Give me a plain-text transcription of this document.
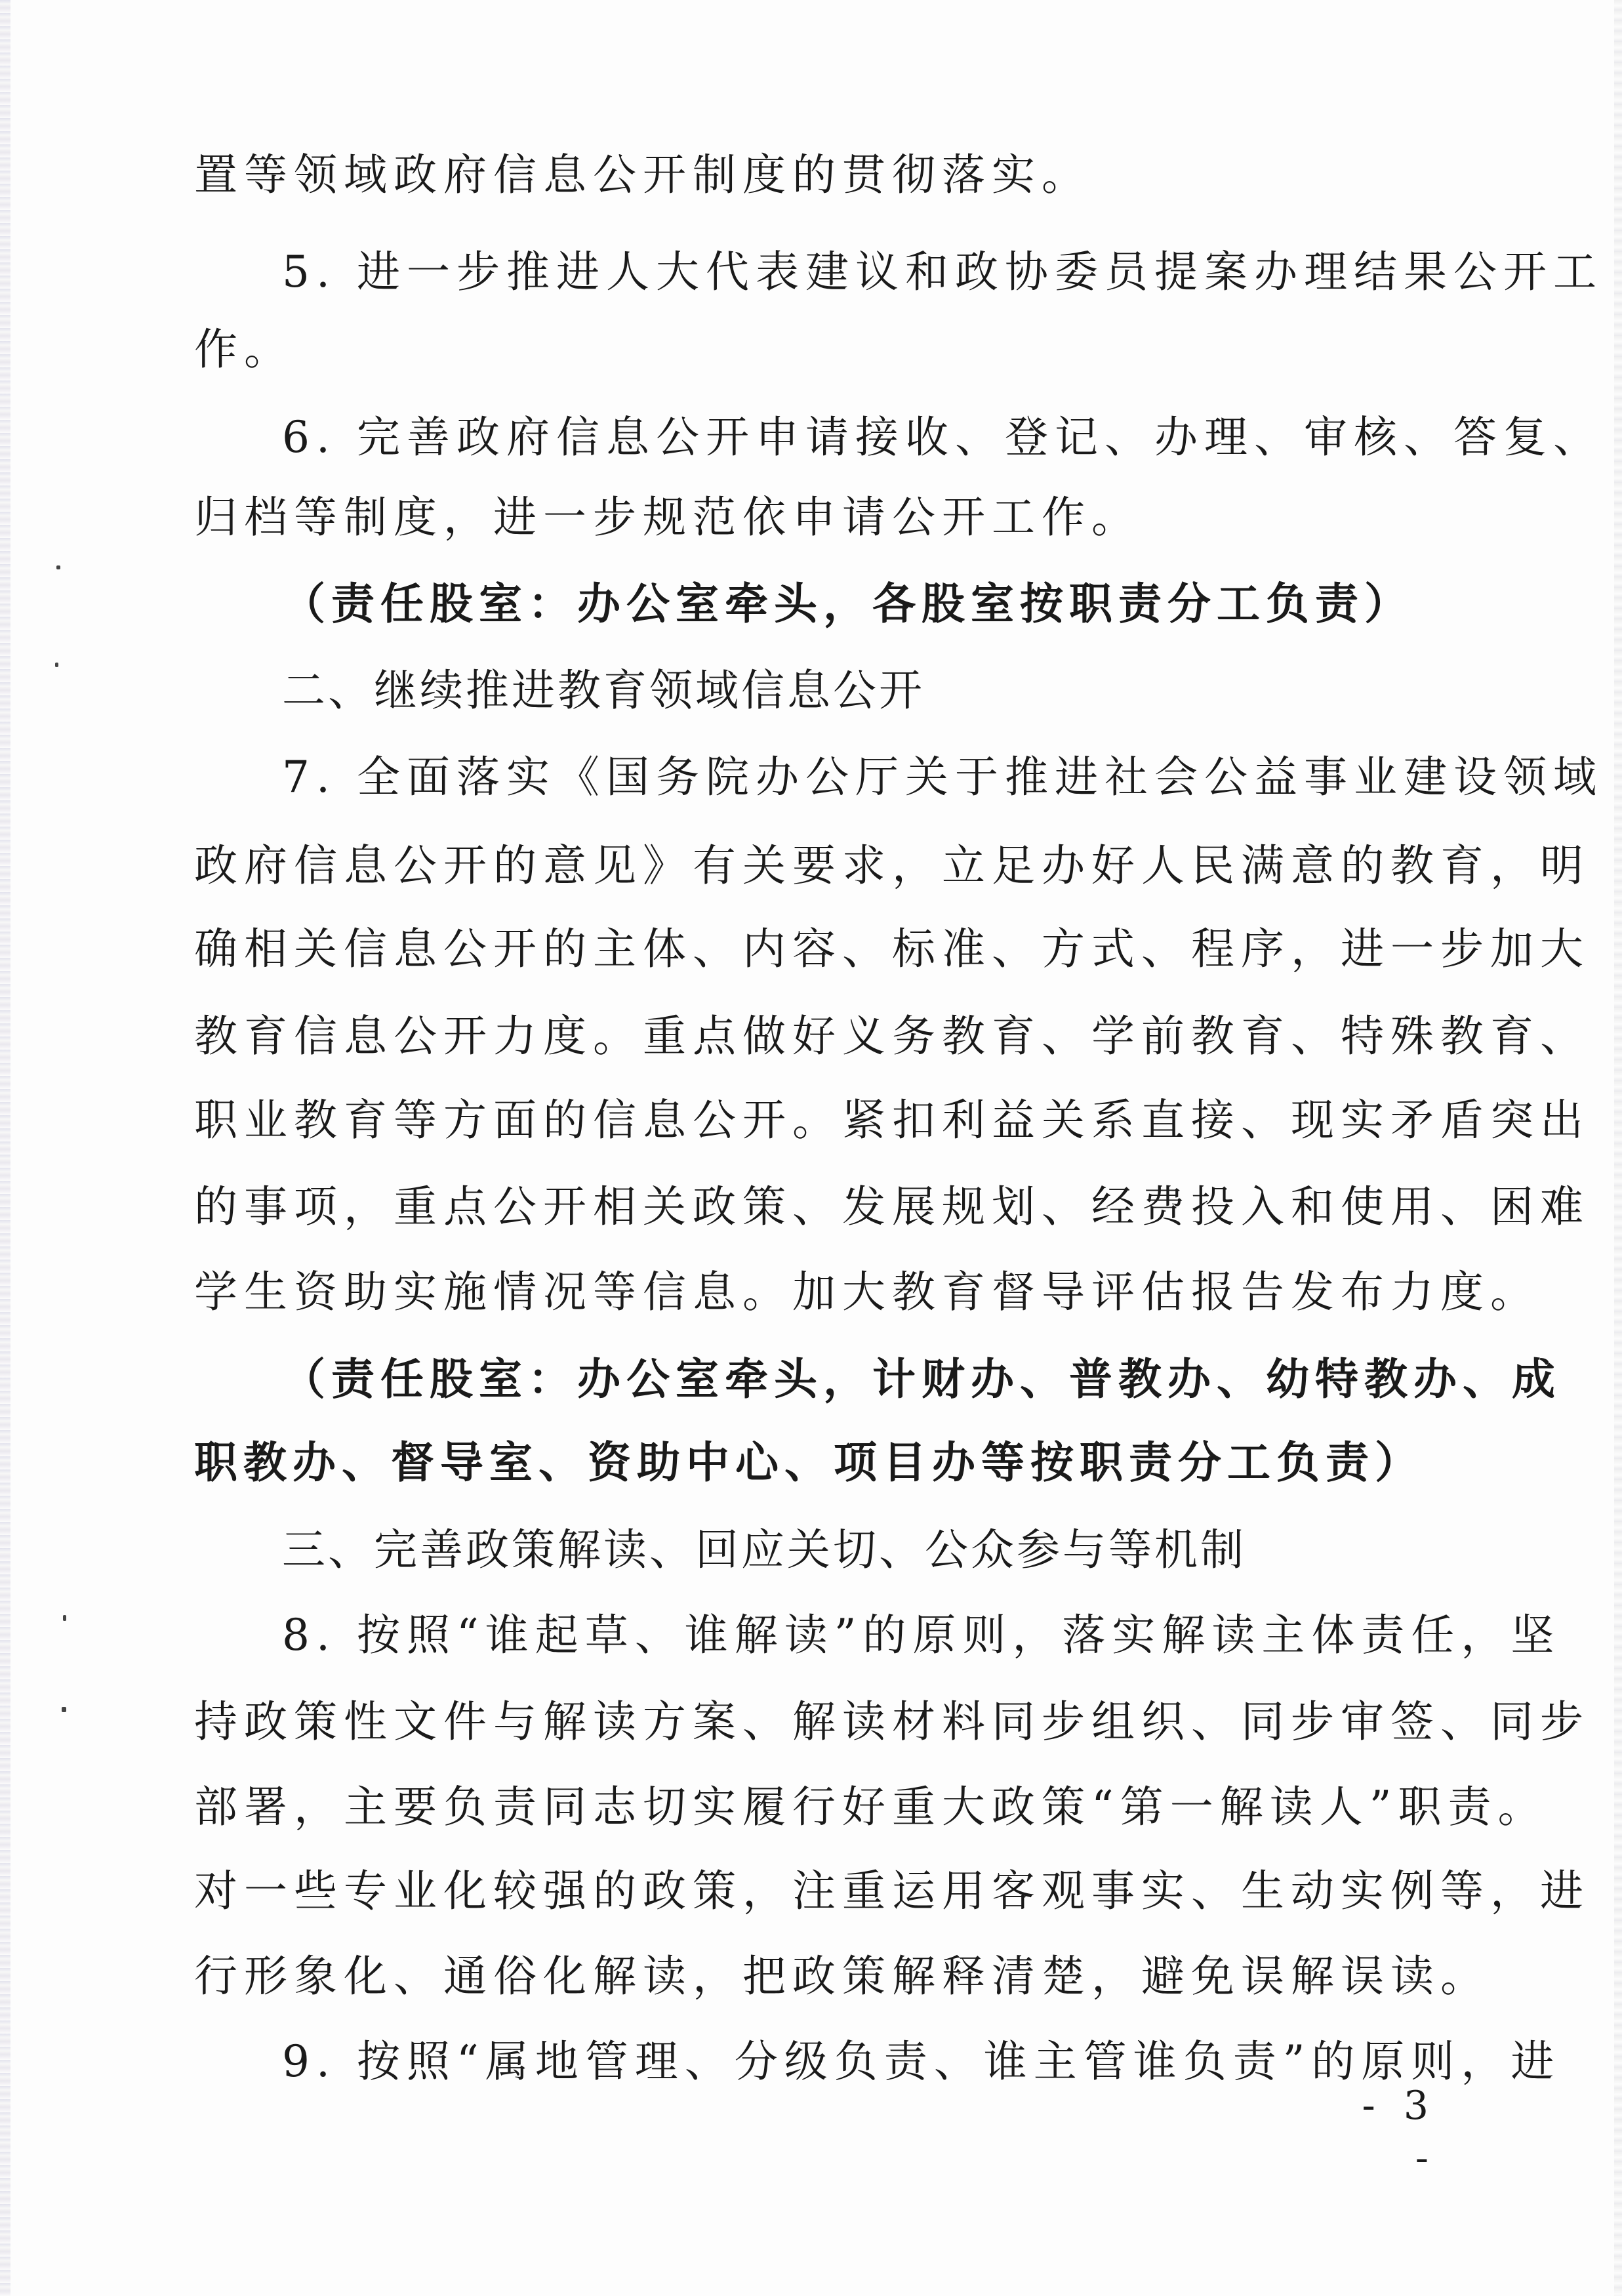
置等领域政府信息公开制度的贯彻落实。
5. 进一步推进人大代表建议和政协委员提案办理结果公开工
作。
6. 完善政府信息公开申请接收、登记、办理、审核、答复、
归档等制度，进一步规范依申请公开工作。
（责任股室：办公室牵头，各股室按职责分工负责）
二、继续推进教育领域信息公开
7. 全面落实《国务院办公厅关于推进社会公益事业建设领域
政府信息公开的意见》有关要求，立足办好人民满意的教育，明
确相关信息公开的主体、内容、标准、方式、程序，进一步加大
教育信息公开力度。重点做好义务教育、学前教育、特殊教育、
职业教育等方面的信息公开。紧扣利益关系直接、现实矛盾突出
的事项，重点公开相关政策、发展规划、经费投入和使用、困难
学生资助实施情况等信息。加大教育督导评估报告发布力度。
（责任股室：办公室牵头，计财办、普教办、幼特教办、成
职教办、督导室、资助中心、项目办等按职责分工负责）
三、完善政策解读、回应关切、公众参与等机制
8. 按照“谁起草、谁解读”的原则，落实解读主体责任，坚
持政策性文件与解读方案、解读材料同步组织、同步审签、同步
部署，主要负责同志切实履行好重大政策“第一解读人”职责。
对一些专业化较强的政策，注重运用客观事实、生动实例等，进
行形象化、通俗化解读，把政策解释清楚，避免误解误读。
9. 按照“属地管理、分级负责、谁主管谁负责”的原则，进
- 3 -
